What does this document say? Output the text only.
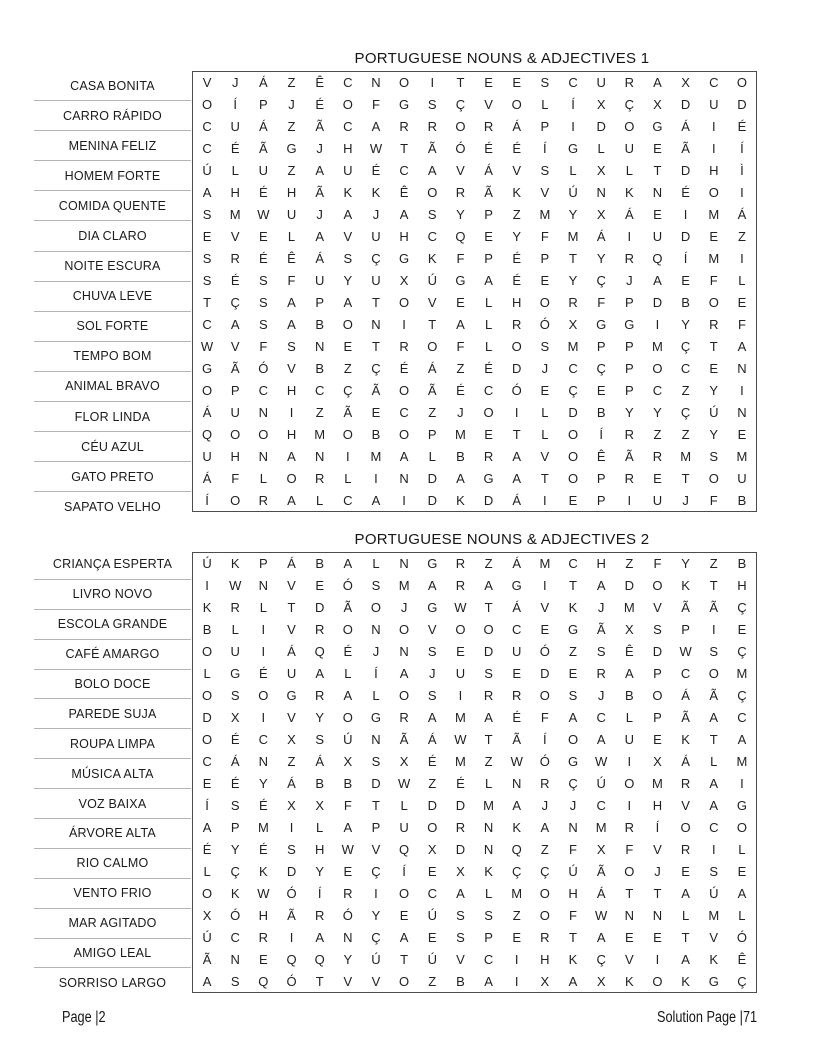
PORTUGUESE NOUNS & ADJECTIVES 1
CASA BONITA
CARRO RÁPIDO
MENINA FELIZ
HOMEM FORTE
COMIDA QUENTE
DIA CLARO
NOITE ESCURA
CHUVA LEVE
SOL FORTE
TEMPO BOM
ANIMAL BRAVO
FLOR LINDA
CÉU AZUL
GATO PRETO
SAPATO VELHO
V	J	Á	Z	Ê	C	N	O	I	T	E	E	S	C	U	R	A	X	C	O
O	Í	P	J	É	O	F	G	S	Ç	V	O	L	Í	X	Ç	X	D	U	D
C	U	Á	Z	Ã	C	A	R	R	O	R	Á	P	I	D	O	G	Á	I	É
C	É	Ã	G	J	H	W	T	Ã	Ó	É	É	Í	G	L	U	E	Ã	I	Í
Ú	L	U	Z	A	U	É	C	A	V	Á	V	S	L	X	L	T	D	H	Ì
A	H	É	H	Ã	K	K	Ê	O	R	Ã	K	V	Ú	N	K	N	É	O	I
S	M	W	U	J	A	J	A	S	Y	P	Z	M	Y	X	Á	E	I	M	Á
E	V	E	L	A	V	U	H	C	Q	E	Y	F	M	Á	I	U	D	E	Z
S	R	É	Ê	Á	S	Ç	G	K	F	P	É	P	T	Y	R	Q	Í	M	I
S	É	S	F	U	Y	U	X	Ú	G	A	É	E	Y	Ç	J	A	E	F	L
T	Ç	S	A	P	A	T	O	V	E	L	H	O	R	F	P	D	B	O	E
C	A	S	A	B	O	N	I	T	A	L	R	Ó	X	G	G	I	Y	R	F
W	V	F	S	N	E	T	R	O	F	L	O	S	M	P	P	M	Ç	T	A
G	Ã	Ó	V	B	Z	Ç	É	Á	Z	É	D	J	C	Ç	P	O	C	E	N
O	P	C	H	C	Ç	Ã	O	Ã	É	C	Ó	E	Ç	E	P	C	Z	Y	I
Á	U	N	I	Z	Ã	E	C	Z	J	O	I	L	D	B	Y	Y	Ç	Ú	N
Q	O	O	H	M	O	B	O	P	M	E	T	L	O	Í	R	Z	Z	Y	E
U	H	N	A	N	I	M	A	L	B	R	A	V	O	Ê	Ã	R	M	S	M
Á	F	L	O	R	L	I	N	D	A	G	A	T	O	P	R	E	T	O	U
Í	O	R	A	L	C	A	I	D	K	D	Á	I	E	P	I	U	J	F	B
PORTUGUESE NOUNS & ADJECTIVES 2
CRIANÇA ESPERTA
LIVRO NOVO
ESCOLA GRANDE
CAFÉ AMARGO
BOLO DOCE
PAREDE SUJA
ROUPA LIMPA
MÚSICA ALTA
VOZ BAIXA
ÁRVORE ALTA
RIO CALMO
VENTO FRIO
MAR AGITADO
AMIGO LEAL
SORRISO LARGO
Ú	K	P	Á	B	A	L	N	G	R	Z	Á	M	C	H	Z	F	Y	Z	B
I	W	N	V	E	Ó	S	M	A	R	A	G	I	T	A	D	O	K	T	H
K	R	L	T	D	Ã	O	J	G	W	T	Á	V	K	J	M	V	Ã	Ã	Ç
B	L	I	V	R	O	N	O	V	O	O	C	E	G	Ã	X	S	P	I	E
O	U	I	Á	Q	É	J	N	S	E	D	U	Ó	Z	S	Ê	D	W	S	Ç
L	G	É	U	A	L	Í	A	J	U	S	E	D	E	R	A	P	C	O	M
O	S	O	G	R	A	L	O	S	I	R	R	O	S	J	B	O	Á	Ã	Ç
D	X	I	V	Y	O	G	R	A	M	A	É	F	A	C	L	P	Ã	A	C
O	É	C	X	S	Ú	N	Ã	Á	W	T	Ã	Í	O	A	U	E	K	T	A
C	Á	N	Z	Á	X	S	X	É	M	Z	W	Ó	G	W	I	X	Á	L	M
E	É	Y	Á	B	B	D	W	Z	É	L	N	R	Ç	Ú	O	M	R	A	I
Í	S	É	X	X	F	T	L	D	D	M	A	J	J	C	I	H	V	A	G
A	P	M	I	L	A	P	U	O	R	N	K	A	N	M	R	Í	O	C	O
É	Y	É	S	H	W	V	Q	X	D	N	Q	Z	F	X	F	V	R	I	L
L	Ç	K	D	Y	E	Ç	Í	E	X	K	Ç	Ç	Ú	Ã	O	J	E	S	E
O	K	W	Ó	Í	R	I	O	C	A	L	M	O	H	Á	T	T	A	Ú	A
X	Ó	H	Ã	R	Ó	Y	E	Ú	S	S	Z	O	F	W	N	N	L	M	L
Ú	C	R	I	A	N	Ç	A	E	S	P	E	R	T	A	E	E	T	V	Ó
Ã	N	E	Q	Q	Y	Ú	T	Ú	V	C	I	H	K	Ç	V	I	A	K	Ê
A	S	Q	Ó	T	V	V	O	Z	B	A	I	X	A	X	K	O	K	G	Ç
Page |2	Solution Page |71
